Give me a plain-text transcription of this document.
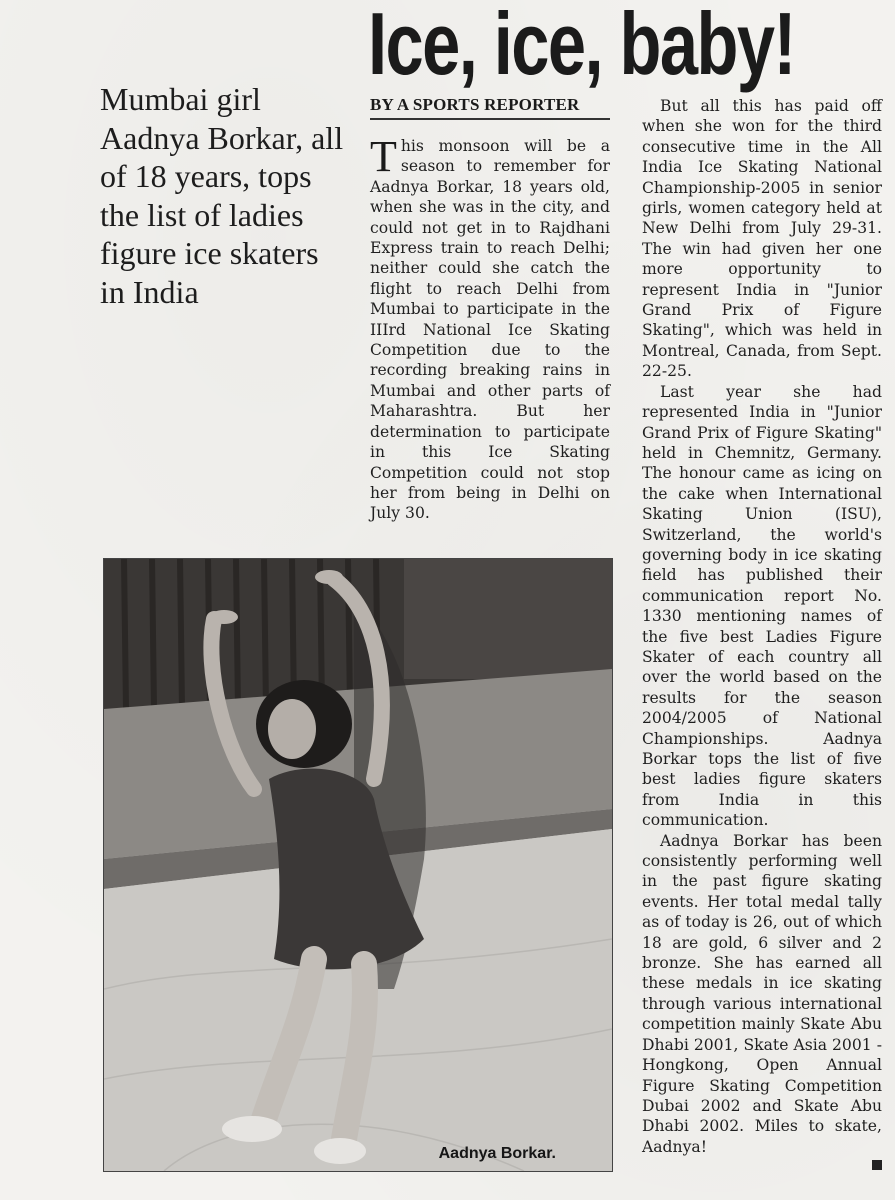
Ice, ice, baby!
Mumbai girl Aadnya Borkar, all of 18 years, tops the list of ladies figure ice skaters in India
BY A SPORTS REPORTER

This monsoon will be a season to remember for Aadnya Borkar, 18 years old, when she was in the city, and could not get in to Rajdhani Express train to reach Delhi; neither could she catch the flight to reach Delhi from Mumbai to participate in the IIIrd National Ice Skating Competition due to the recording breaking rains in Mumbai and other parts of Maharashtra. But her determination to participate in this Ice Skating Competition could not stop her from being in Delhi on July 30.

But all this has paid off when she won for the third consecutive time in the All India Ice Skating National Championship-2005 in senior girls, women category held at New Delhi from July 29-31. The win had given her one more opportunity to represent India in "Junior Grand Prix of Figure Skating", which was held in Montreal, Canada, from Sept. 22-25.

Last year she had represented India in "Junior Grand Prix of Figure Skating" held in Chemnitz, Germany. The honour came as icing on the cake when International Skating Union (ISU), Switzerland, the world's governing body in ice skating field has published their communication report No. 1330 mentioning names of the five best Ladies Figure Skater of each country all over the world based on the results for the season 2004/2005 of National Championships. Aadnya Borkar tops the list of five best ladies figure skaters from India in this communication.

Aadnya Borkar has been consistently performing well in the past figure skating events. Her total medal tally as of today is 26, out of which 18 are gold, 6 silver and 2 bronze. She has earned all these medals in ice skating through various international competition mainly Skate Abu Dhabi 2001, Skate Asia 2001 - Hongkong, Open Annual Figure Skating Competition Dubai 2002 and Skate Abu Dhabi 2002. Miles to skate, Aadnya!

Aadnya Borkar.
